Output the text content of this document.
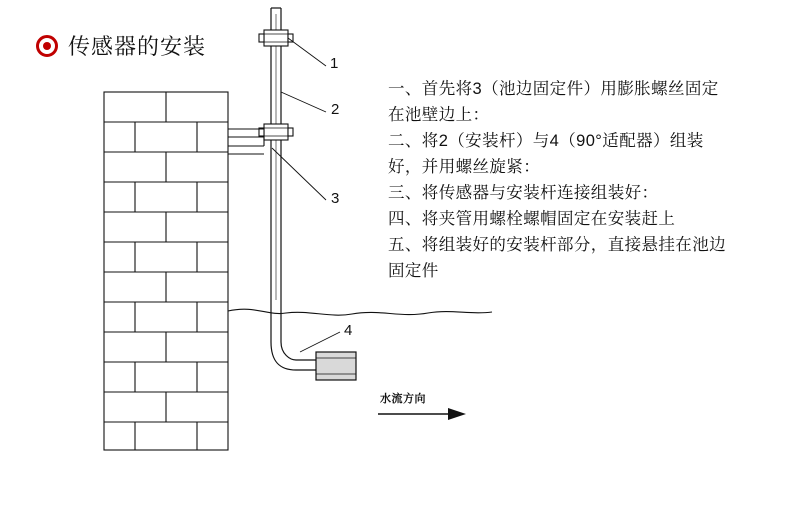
传感器的安装
一、首先将3（池边固定件）用膨胀螺丝固定
在池壁边上：
二、将2（安装杆）与4（90°适配器）组装
好，并用螺丝旋紧：
三、将传感器与安装杆连接组装好：
四、将夹管用螺栓螺帽固定在安装赶上
五、将组装好的安装杆部分，直接悬挂在池边
固定件
1
2
3
4
水流方向
